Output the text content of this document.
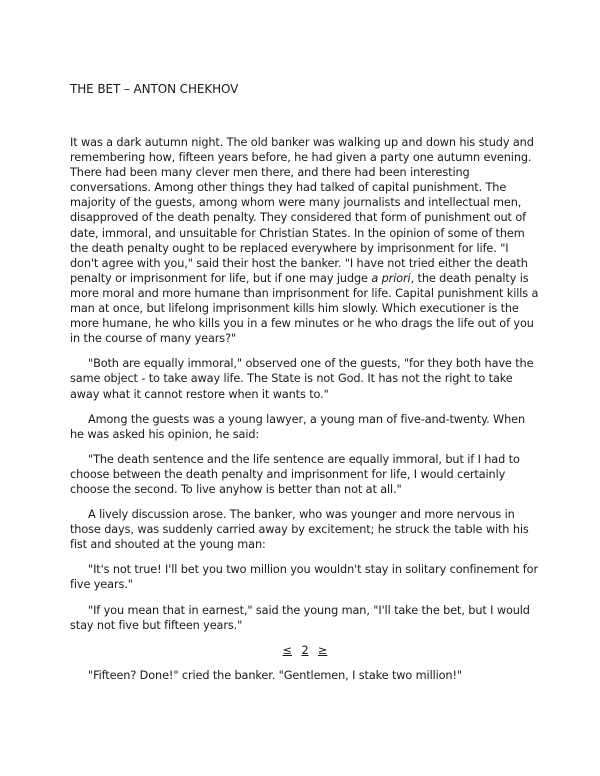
THE BET – ANTON CHEKHOV

It was a dark autumn night. The old banker was walking up and down his study and remembering how, fifteen years before, he had given a party one autumn evening. There had been many clever men there, and there had been interesting conversations. Among other things they had talked of capital punishment. The majority of the guests, among whom were many journalists and intellectual men, disapproved of the death penalty. They considered that form of punishment out of date, immoral, and unsuitable for Christian States. In the opinion of some of them the death penalty ought to be replaced everywhere by imprisonment for life. "I don't agree with you," said their host the banker. "I have not tried either the death penalty or imprisonment for life, but if one may judge a priori, the death penalty is more moral and more humane than imprisonment for life. Capital punishment kills a man at once, but lifelong imprisonment kills him slowly. Which executioner is the more humane, he who kills you in a few minutes or he who drags the life out of you in the course of many years?"

"Both are equally immoral," observed one of the guests, "for they both have the same object - to take away life. The State is not God. It has not the right to take away what it cannot restore when it wants to."

Among the guests was a young lawyer, a young man of five-and-twenty. When he was asked his opinion, he said:

"The death sentence and the life sentence are equally immoral, but if I had to choose between the death penalty and imprisonment for life, I would certainly choose the second. To live anyhow is better than not at all."

A lively discussion arose. The banker, who was younger and more nervous in those days, was suddenly carried away by excitement; he struck the table with his fist and shouted at the young man:

"It's not true! I'll bet you two million you wouldn't stay in solitary confinement for five years."

"If you mean that in earnest," said the young man, "I'll take the bet, but I would stay not five but fifteen years."

≤ 2 ≥

"Fifteen? Done!" cried the banker. "Gentlemen, I stake two million!"
